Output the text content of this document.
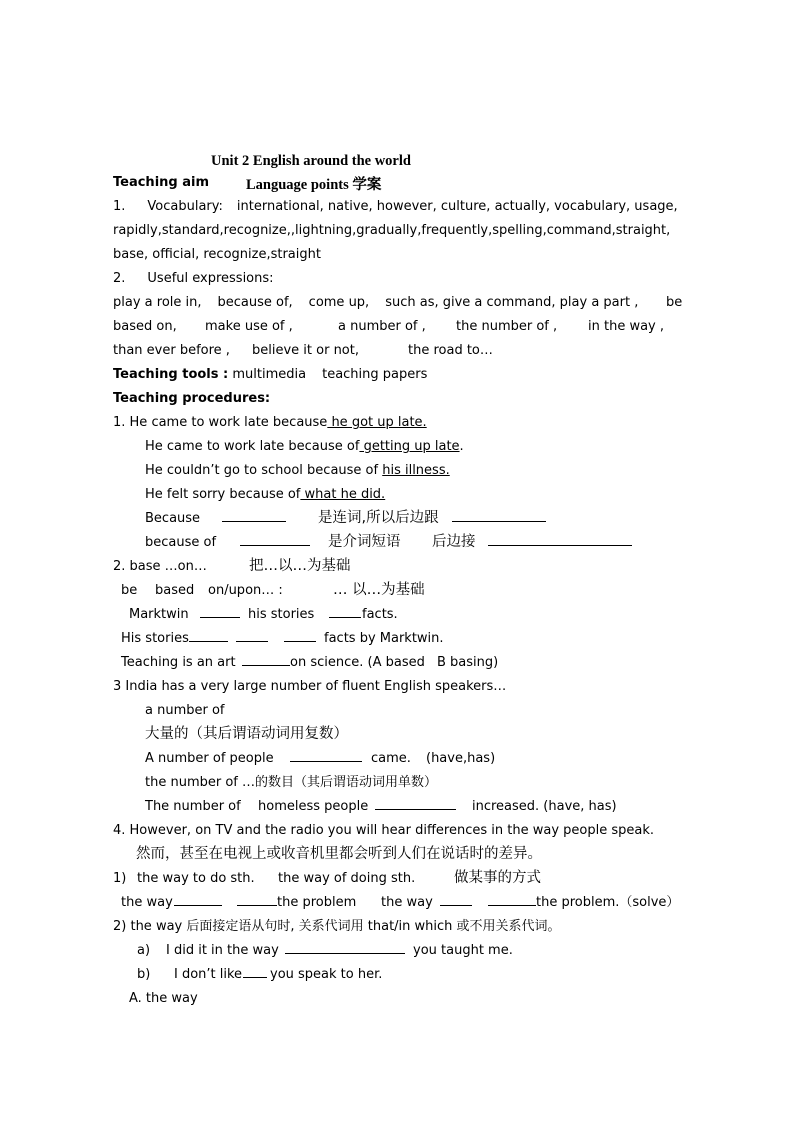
Unit 2 English around the world
Teaching aim	Language points 学案
1. Vocabulary: international, native, however, culture, actually, vocabulary, usage,
rapidly,standard,recognize,,lightning,gradually,frequently,spelling,command,straight,
base, official, recognize,straight
2. Useful expressions:
play a role in, because of, come up, such as, give a command, play a part , be
based on, make use of ,	a number of , the number of , in the way ,
than ever before , believe it or not,	the road to…
Teaching tools : multimedia teaching papers
Teaching procedures:
1. He came to work late because he got up late.
He came to work late because of getting up late.
He couldn’t go to school because of his illness.
He felt sorry because of what he did.
Because	是连词,所以后边跟
because of	是介词短语 后边接
2. base …on…	把…以…为基础
be based on/upon… :	… 以…为基础
Marktwin	his stories	facts.
His stories	facts by Marktwin.
Teaching is an art	on science. (A based B basing)
3 India has a very large number of fluent English speakers…
a number of
大量的（其后谓语动词用复数）
A number of people	came. (have,has)
the number of …的数目（其后谓语动词用单数）
The number of homeless people	increased. (have, has)
4. However, on TV and the radio you will hear differences in the way people speak.
然而，甚至在电视上或收音机里都会听到人们在说话时的差异。
1) the way to do sth. the way of doing sth.	做某事的方式
the way	the problem the way	the problem.（solve）
2) the way 后面接定语从句时, 关系代词用 that/in which 或不用关系代词。
a) I did it in the way	you taught me.
b) I don’t like you speak to her.
A. the way
